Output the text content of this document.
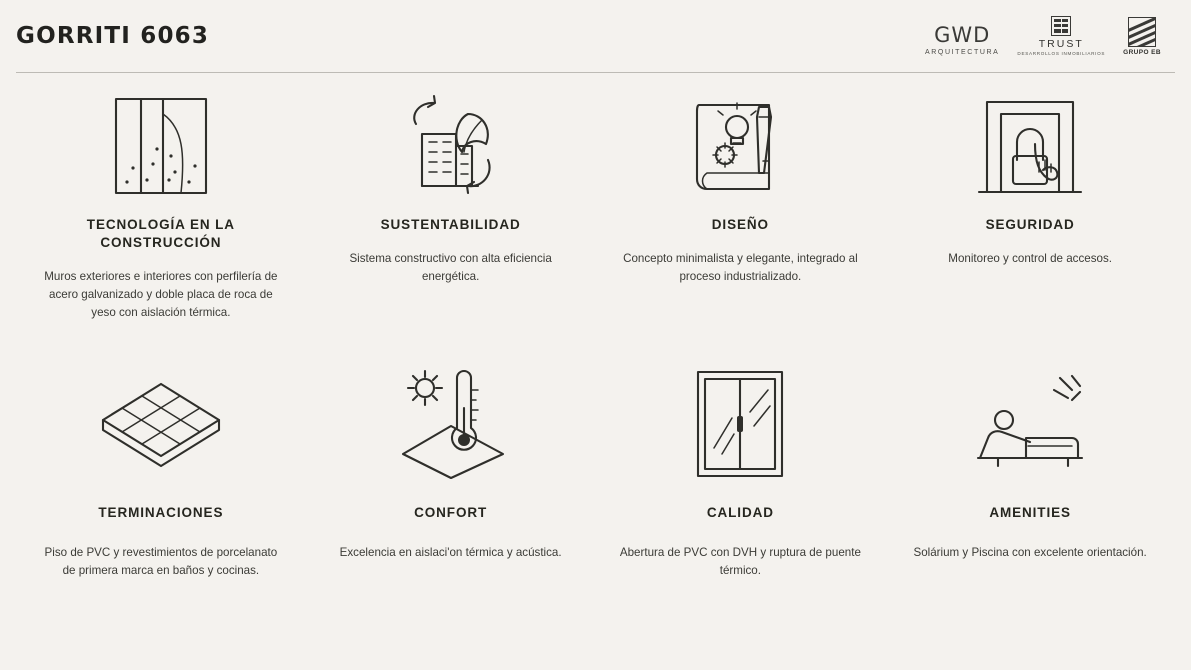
GORRITI 6063	GWD
ARQUITECTURA
TRUST
DESARROLLOS INMOBILIARIOS	GRUPO EB
TECNOLOGÍA EN LA CONSTRUCCIÓN
Muros exteriores e interiores con perfilería de acero galvanizado y doble placa de roca de yeso con aislación térmica.
SUSTENTABILIDAD
Sistema constructivo con alta eficiencia energética.
DISEÑO
Concepto minimalista y elegante, integrado al proceso industrializado.
SEGURIDAD
Monitoreo y control de accesos.
TERMINACIONES
Piso de PVC y revestimientos de porcelanato de primera marca en baños y cocinas.
CONFORT
Excelencia en aislaci'on térmica y acústica.
CALIDAD
Abertura de PVC con DVH y ruptura de puente térmico.
AMENITIES
Solárium y Piscina con excelente orientación.
